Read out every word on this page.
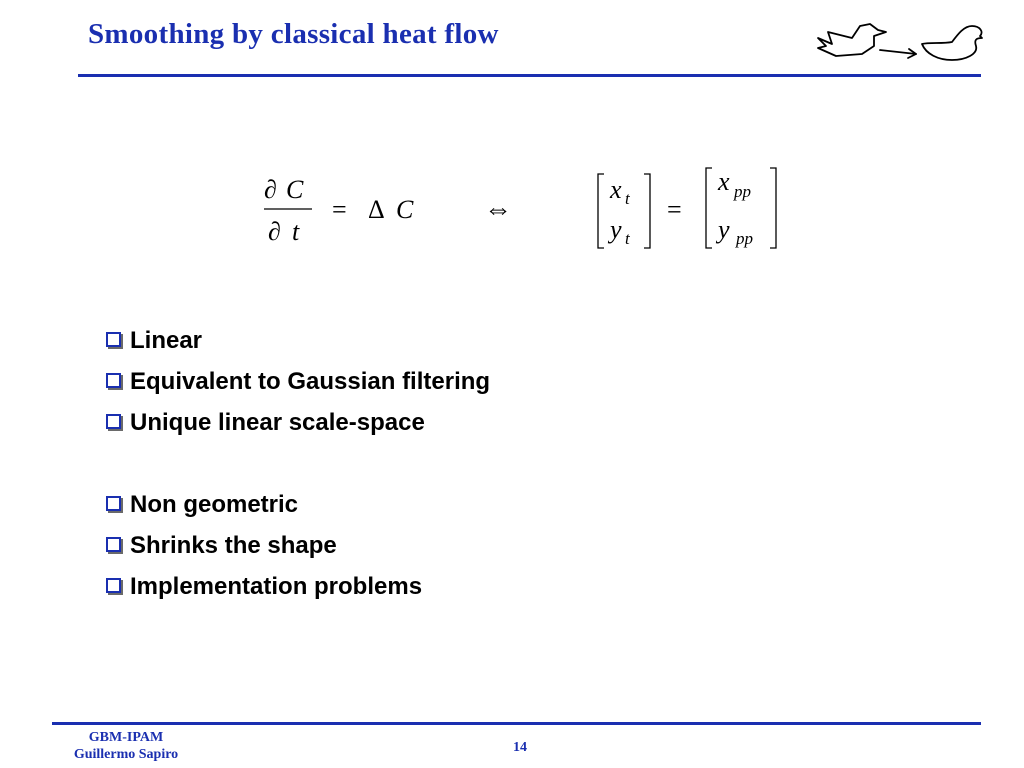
Smoothing by classical heat flow
∂ C
∂ t
= Δ C	⇔
x t
y t
=
x pp
y pp
Linear
Equivalent to Gaussian filtering
Unique linear scale-space
Non geometric
Shrinks the shape
Implementation problems
GBM-IPAM
Guillermo Sapiro	14
